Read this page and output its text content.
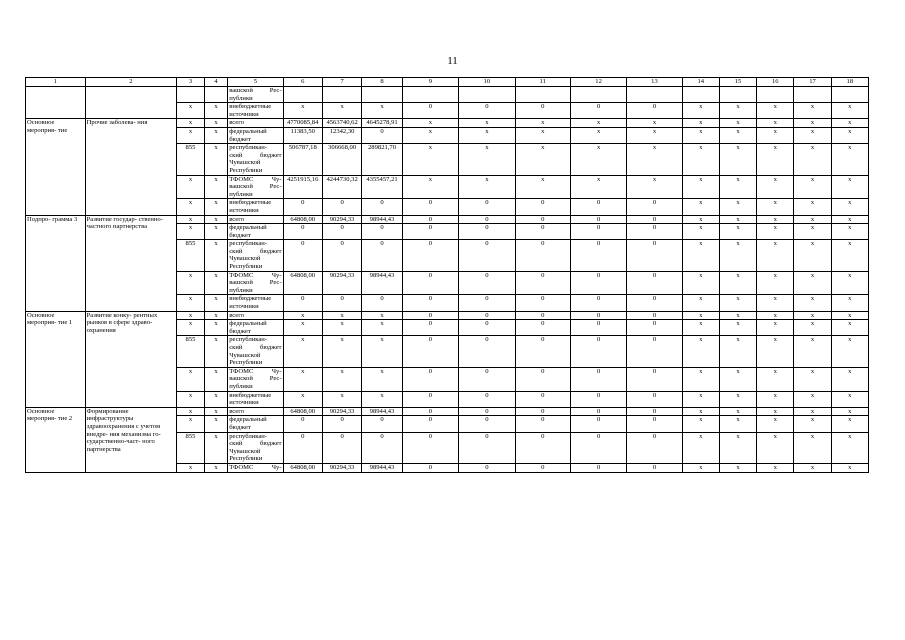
11
1	2	3	4	5	6	7	8	9	10	11	12	13	14	15	16	17	18
				вашской Рес- публики													
		х	х	внебюджетные источники	х	х	х	0	0	0	0	0	х	х	х	х	х
Основное мероприя- тие	Прочие заболева- ния	х	х	всего	4770085,84	4563740,62	4645278,91	х	х	х	х	х	х	х	х	х	х
		х	х	федеральный бюджет	11383,50	12342,30	0	х	х	х	х	х	х	х	х	х	х
		855	х	республикан- ский бюджет Чувашской Республики	506787,18	306668,00	289821,70	х	х	х	х	х	х	х	х	х	х
		х	х	ТФОМС Чу- вашской Рес- публики	4251915,16	4244730,32	4355457,21	х	х	х	х	х	х	х	х	х	х
		х	х	внебюджетные источники	0	0	0	0	0	0	0	0	х	х	х	х	х
Подпро- грамма 3	Развитие государ- ственно-частного партнерства	х	х	всего	64808,00	90294,33	98944,43	0	0	0	0	0	х	х	х	х	х
		х	х	федеральный бюджет	0	0	0	0	0	0	0	0	х	х	х	х	х
		855	х	республикан- ский бюджет Чувашской Республики	0	0	0	0	0	0	0	0	х	х	х	х	х
		х	х	ТФОМС Чу- вашской Рес- публики	64808,00	90294,33	98944,43	0	0	0	0	0	х	х	х	х	х
		х	х	внебюджетные источники	0	0	0	0	0	0	0	0	х	х	х	х	х
Основное мероприя- тие 1	Развитие конку- рентных рынков в сфере здраво- охранения	х	х	всего	х	х	х	0	0	0	0	0	х	х	х	х	х
		х	х	федеральный бюджет	х	х	х	0	0	0	0	0	х	х	х	х	х
		855	х	республикан- ский бюджет Чувашской Республики	х	х	х	0	0	0	0	0	х	х	х	х	х
		х	х	ТФОМС Чу- вашской Рес- публики	х	х	х	0	0	0	0	0	х	х	х	х	х
		х	х	внебюджетные источники	х	х	х	0	0	0	0	0	х	х	х	х	х
Основное мероприя- тие 2	Формирование инфраструктуры здравоохранения с учетом внедре- ния механизма го- сударственно-част- ного партнерства	х	х	всего	64808,00	90294,33	98944,43	0	0	0	0	0	х	х	х	х	х
		х	х	федеральный бюджет	0	0	0	0	0	0	0	0	х	х	х	х	х
		855	х	республикан- ский бюджет Чувашской Республики	0	0	0	0	0	0	0	0	х	х	х	х	х
		х	х	ТФОМС Чу-	64808,00	90294,33	98944,43	0	0	0	0	0	х	х	х	х	х
